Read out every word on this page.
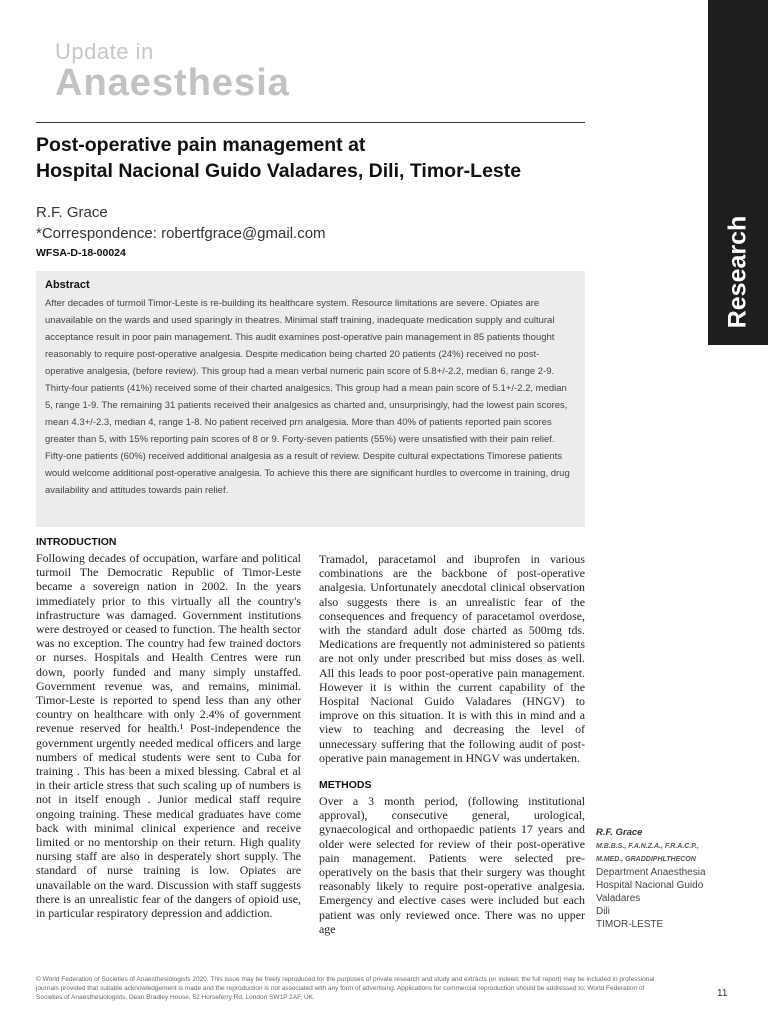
Update in
Anaesthesia
Research
Post-operative pain management at
Hospital Nacional Guido Valadares, Dili, Timor-Leste
R.F. Grace
*Correspondence: robertfgrace@gmail.com
WFSA-D-18-00024
Abstract
After decades of turmoil Timor-Leste is re-building its healthcare system. Resource limitations are severe. Opiates are unavailable on the wards and used sparingly in theatres. Minimal staff training, inadequate medication supply and cultural acceptance result in poor pain management. This audit examines post-operative pain management in 85 patients thought reasonably to require post-operative analgesia. Despite medication being charted 20 patients (24%) received no post-operative analgesia, (before review). This group had a mean verbal numeric pain score of 5.8+/-2.2, median 6, range 2-9. Thirty-four patients (41%) received some of their charted analgesics. This group had a mean pain score of 5.1+/-2.2, median 5, range 1-9. The remaining 31 patients received their analgesics as charted and, unsurprisingly, had the lowest pain scores, mean 4.3+/-2.3, median 4, range 1-8. No patient received prn analgesia. More than 40% of patients reported pain scores greater than 5, with 15% reporting pain scores of 8 or 9. Forty-seven patients (55%) were unsatisfied with their pain relief. Fifty-one patients (60%) received additional analgesia as a result of review. Despite cultural expectations Timorese patients would welcome additional post-operative analgesia. To achieve this there are significant hurdles to overcome in training, drug availability and attitudes towards pain relief.
INTRODUCTION

Following decades of occupation, warfare and political turmoil The Democratic Republic of Timor-Leste became a sovereign nation in 2002. In the years immediately prior to this virtually all the country's infrastructure was damaged. Government institutions were destroyed or ceased to function. The health sector was no exception. The country had few trained doctors or nurses. Hospitals and Health Centres were run down, poorly funded and many simply unstaffed. Government revenue was, and remains, minimal. Timor-Leste is reported to spend less than any other country on healthcare with only 2.4% of government revenue reserved for health.¹ Post-independence the government urgently needed medical officers and large numbers of medical students were sent to Cuba for training . This has been a mixed blessing. Cabral et al in their article stress that such scaling up of numbers is not in itself enough . Junior medical staff require ongoing training. These medical graduates have come back with minimal clinical experience and receive limited or no mentorship on their return. High quality nursing staff are also in desperately short supply. The standard of nurse training is low. Opiates are unavailable on the ward. Discussion with staff suggests there is an unrealistic fear of the dangers of opioid use, in particular respiratory depression and addiction.

Tramadol, paracetamol and ibuprofen in various combinations are the backbone of post-operative analgesia. Unfortunately anecdotal clinical observation also suggests there is an unrealistic fear of the consequences and frequency of paracetamol overdose, with the standard adult dose charted as 500mg tds. Medications are frequently not administered so patients are not only under prescribed but miss doses as well. All this leads to poor post-operative pain management. However it is within the current capability of the Hospital Nacional Guido Valadares (HNGV) to improve on this situation. It is with this in mind and a view to teaching and decreasing the level of unnecessary suffering that the following audit of post-operative pain management in HNGV was undertaken.

METHODS

Over a 3 month period, (following institutional approval), consecutive general, urological, gynaecological and orthopaedic patients 17 years and older were selected for review of their post-operative pain management. Patients were selected pre-operatively on the basis that their surgery was thought reasonably likely to require post-operative analgesia. Emergency and elective cases were included but each patient was only reviewed once. There was no upper age

R.F. Grace
M.B.B.S., F.A.N.Z.A., F.R.A.C.P.,
M.MED., GRADDIPHLTHECON
Department Anaesthesia
Hospital Nacional Guido
Valadares
Dili
TIMOR-LESTE
© World Federation of Societies of Anaesthesiologists 2020. This issue may be freely reproduced for the purposes of private research and study and extracts (or indeed, the full report) may be included in professional journals provided that suitable acknowledgement is made and the reproduction is not associated with any form of advertising. Applications for commercial reproduction should be addressed to: World Federation of Societies of Anaesthesiologists, Dean Bradley House, 52 Horseferry Rd, London SW1P 2AF, UK.	11
